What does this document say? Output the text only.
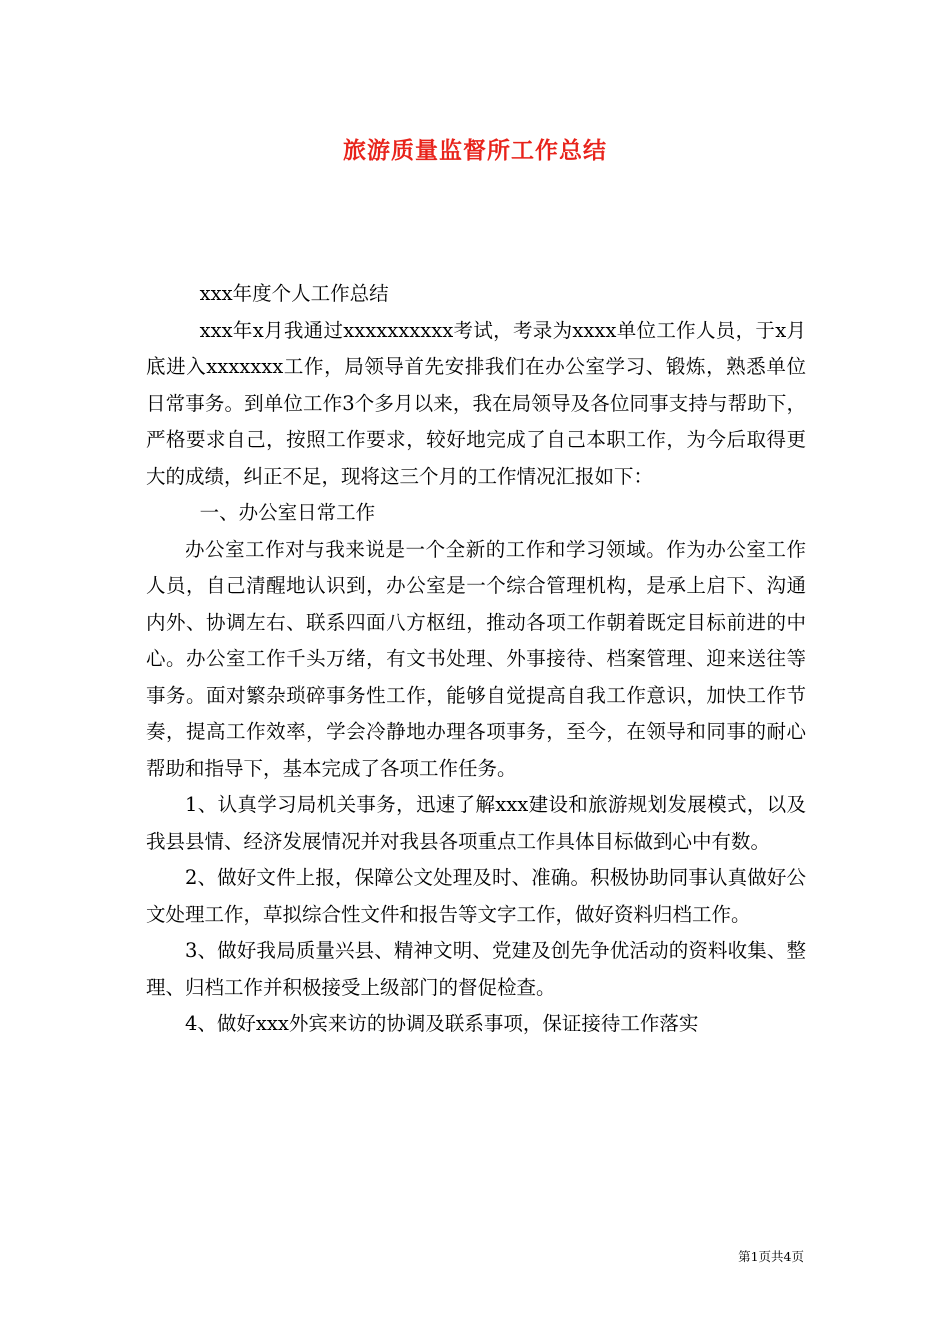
旅游质量监督所工作总结

xxx年度个人工作总结

xxx年x月我通过xxxxxxxxxx考试，考录为xxxx单位工作人员，于x月底进入xxxxxxx工作，局领导首先安排我们在办公室学习、锻炼，熟悉单位日常事务。到单位工作3个多月以来，我在局领导及各位同事支持与帮助下，严格要求自己，按照工作要求，较好地完成了自己本职工作，为今后取得更大的成绩，纠正不足，现将这三个月的工作情况汇报如下：

一、办公室日常工作

办公室工作对与我来说是一个全新的工作和学习领域。作为办公室工作人员，自己清醒地认识到，办公室是一个综合管理机构，是承上启下、沟通内外、协调左右、联系四面八方枢纽，推动各项工作朝着既定目标前进的中心。办公室工作千头万绪，有文书处理、外事接待、档案管理、迎来送往等事务。面对繁杂琐碎事务性工作，能够自觉提高自我工作意识，加快工作节奏，提高工作效率，学会冷静地办理各项事务，至今，在领导和同事的耐心帮助和指导下，基本完成了各项工作任务。

1、认真学习局机关事务，迅速了解xxx建设和旅游规划发展模式，以及我县县情、经济发展情况并对我县各项重点工作具体目标做到心中有数。

2、做好文件上报，保障公文处理及时、准确。积极协助同事认真做好公文处理工作，草拟综合性文件和报告等文字工作，做好资料归档工作。

3、做好我局质量兴县、精神文明、党建及创先争优活动的资料收集、整理、归档工作并积极接受上级部门的督促检查。

4、做好xxx外宾来访的协调及联系事项，保证接待工作落实

第1页共4页
